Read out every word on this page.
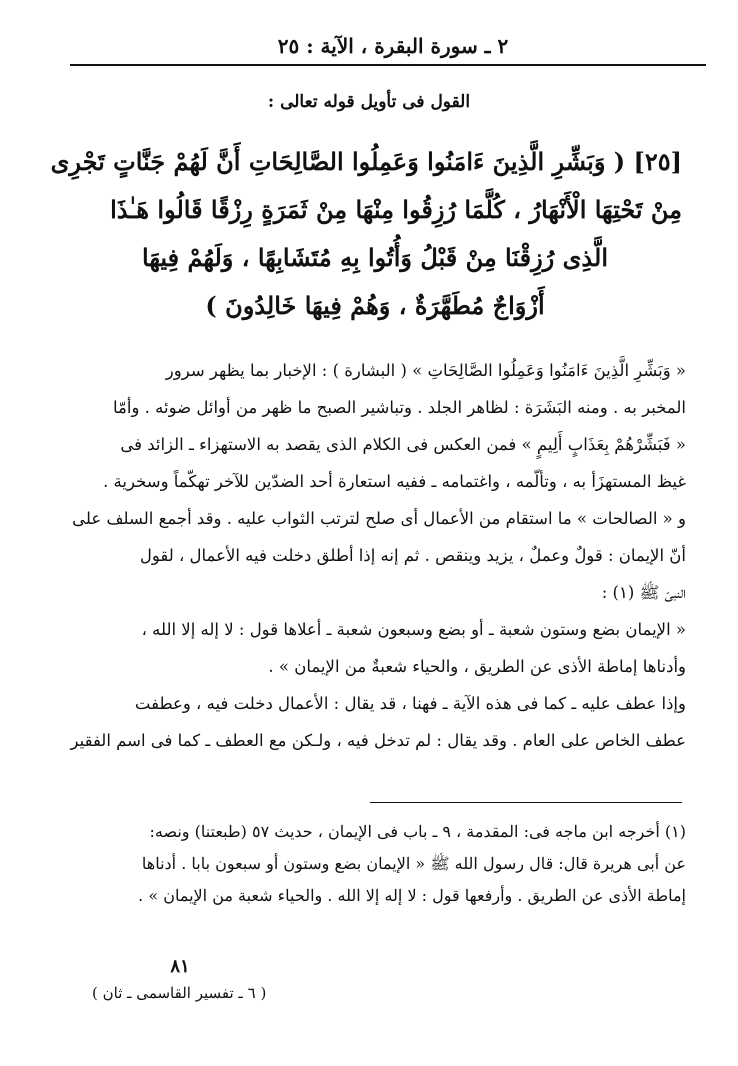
٢ ـ سورة البقرة ، الآية : ٢٥
القول فى تأويل قوله تعالى :
[٢٥] ( وَبَشِّرِ الَّذِينَ ءَامَنُوا وَعَمِلُوا الصَّالِحَاتِ أَنَّ لَهُمْ جَنَّاتٍ تَجْرِى
مِنْ تَحْتِهَا الْأَنْهَارُ ، كُلَّمَا رُزِقُوا مِنْهَا مِنْ ثَمَرَةٍ رِزْقًا قَالُوا هَـٰذَا
الَّذِى رُزِقْنَا مِنْ قَبْلُ وَأُتُوا بِهِ مُتَشَابِهًا ، وَلَهُمْ فِيهَا
أَزْوَاجٌ مُطَهَّرَةٌ ، وَهُمْ فِيهَا خَالِدُونَ )
« وَبَشِّرِ الَّذِينَ ءَامَنُوا وَعَمِلُوا الصَّالِحَاتِ » ( البشارة ) : الإخبار بما يظهر سرور
المخبر به . ومنه البَشَرَة : لظاهر الجلد . وتباشير الصبح ما ظهر من أوائل ضوئه . وأمّا
« فَبَشِّرْهُمْ بِعَذَابٍ أَلِيمٍ » فمن العكس فى الكلام الذى يقصد به الاستهزاء ـ الزائد فى
غيظ المستهزَأ به ، وتألّمه ، واغتمامه ـ ففيه استعارة أحد الضدّين للآخر تهكّماً وسخرية .
و « الصالحات » ما استقام من الأعمال أى صلح لترتب الثواب عليه . وقد أجمع السلف على
أنّ الإيمان : قولٌ وعملٌ ، يزيد وينقص . ثم إنه إذا أطلق دخلت فيه الأعمال ، لقول
النبىّ ﷺ (١) :
« الإيمان بضع وستون شعبة ـ أو بضع وسبعون شعبة ـ أعلاها قول : لا إله إلا الله ،
وأدناها إماطة الأذى عن الطريق ، والحياء شعبةٌ من الإيمان » .
وإذا عطف عليه ـ كما فى هذه الآية ـ فهنا ، قد يقال : الأعمال دخلت فيه ، وعطفت
عطف الخاص على العام . وقد يقال : لم تدخل فيه ، ولـكن مع العطف ـ كما فى اسم الفقير
(١) أخرجه ابن ماجه فى: المقدمة ، ٩ ـ باب فى الإيمان ، حديث ٥٧ (طبعتنا) ونصه:
عن أبى هريرة قال: قال رسول الله ﷺ « الإيمان بضع وستون أو سبعون بابا . أدناها
إماطة الأذى عن الطريق . وأرفعها قول : لا إله إلا الله . والحياء شعبة من الإيمان » .
٨١
( ٦ ـ تفسير القاسمى ـ ثان )
